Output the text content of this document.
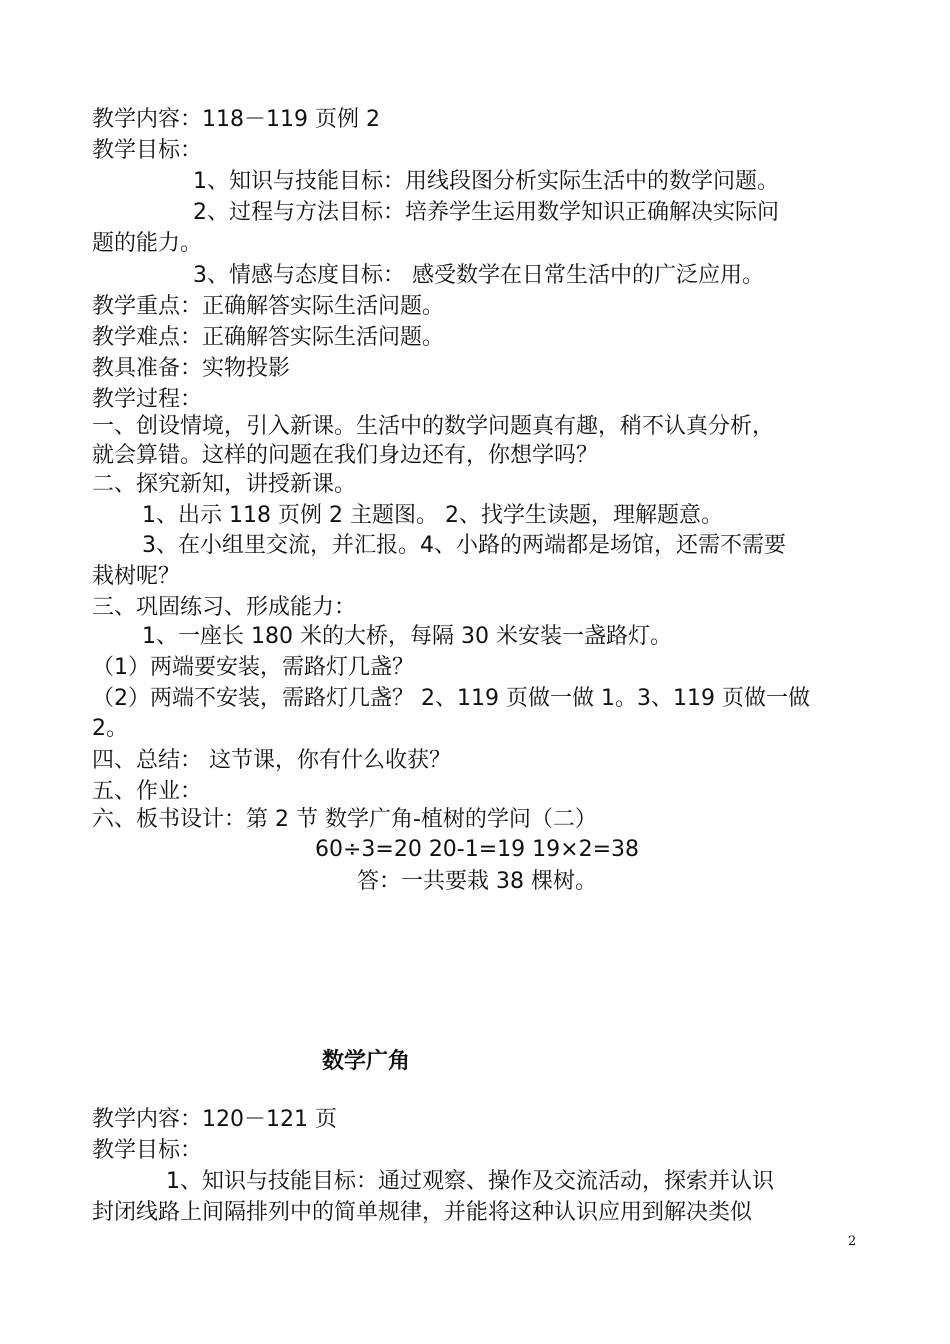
教学内容：118－119 页例 2
教学目标：
1、知识与技能目标：用线段图分析实际生活中的数学问题。
2、过程与方法目标：培养学生运用数学知识正确解决实际问
题的能力。
3、情感与态度目标： 感受数学在日常生活中的广泛应用。
教学重点：正确解答实际生活问题。
教学难点：正确解答实际生活问题。
教具准备：实物投影
教学过程：
一、创设情境，引入新课。生活中的数学问题真有趣，稍不认真分析，
就会算错。这样的问题在我们身边还有，你想学吗？
二、探究新知，讲授新课。
1、出示 118 页例 2 主题图。 2、找学生读题，理解题意。
3、在小组里交流，并汇报。4、小路的两端都是场馆，还需不需要
栽树呢？
三、巩固练习、形成能力：
1、一座长 180 米的大桥，每隔 30 米安装一盏路灯。
（1）两端要安装，需路灯几盏？
（2）两端不安装，需路灯几盏？ 2、119 页做一做 1。3、119 页做一做
2。
四、总结： 这节课，你有什么收获？
五、作业：
六、板书设计：第 2 节 数学广角-植树的学问（二）
60÷3=20 20-1=19 19×2=38
答：一共要栽 38 棵树。
数学广角
教学内容：120－121 页
教学目标：
1、知识与技能目标：通过观察、操作及交流活动，探索并认识
封闭线路上间隔排列中的简单规律，并能将这种认识应用到解决类似
2
